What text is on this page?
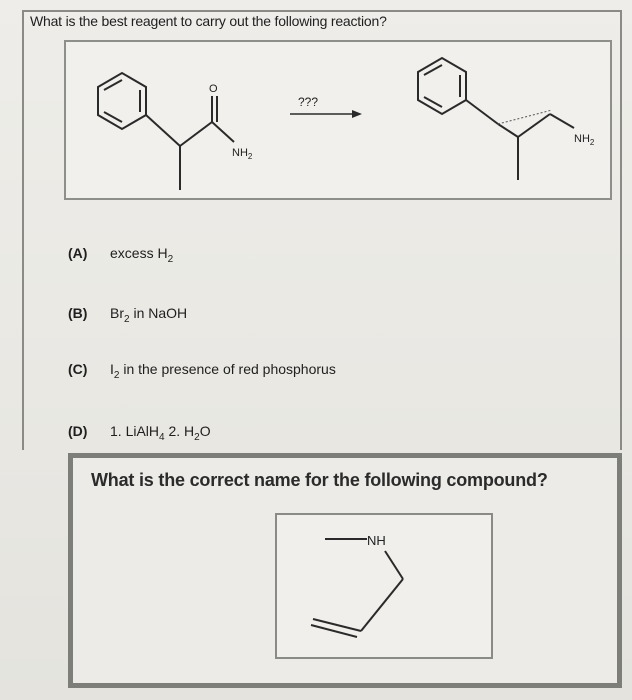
What is the best reagent to carry out the following reaction?
O
$NH_2$
???
$NH_2$
(A) excess $H_2$
(B) $Br_2$ in NaOH
(C) $I_2$ in the presence of red phosphorus
(D) 1. LiAlH$_4$ 2. $H_2O$
What is the correct name for the following compound?
NH
